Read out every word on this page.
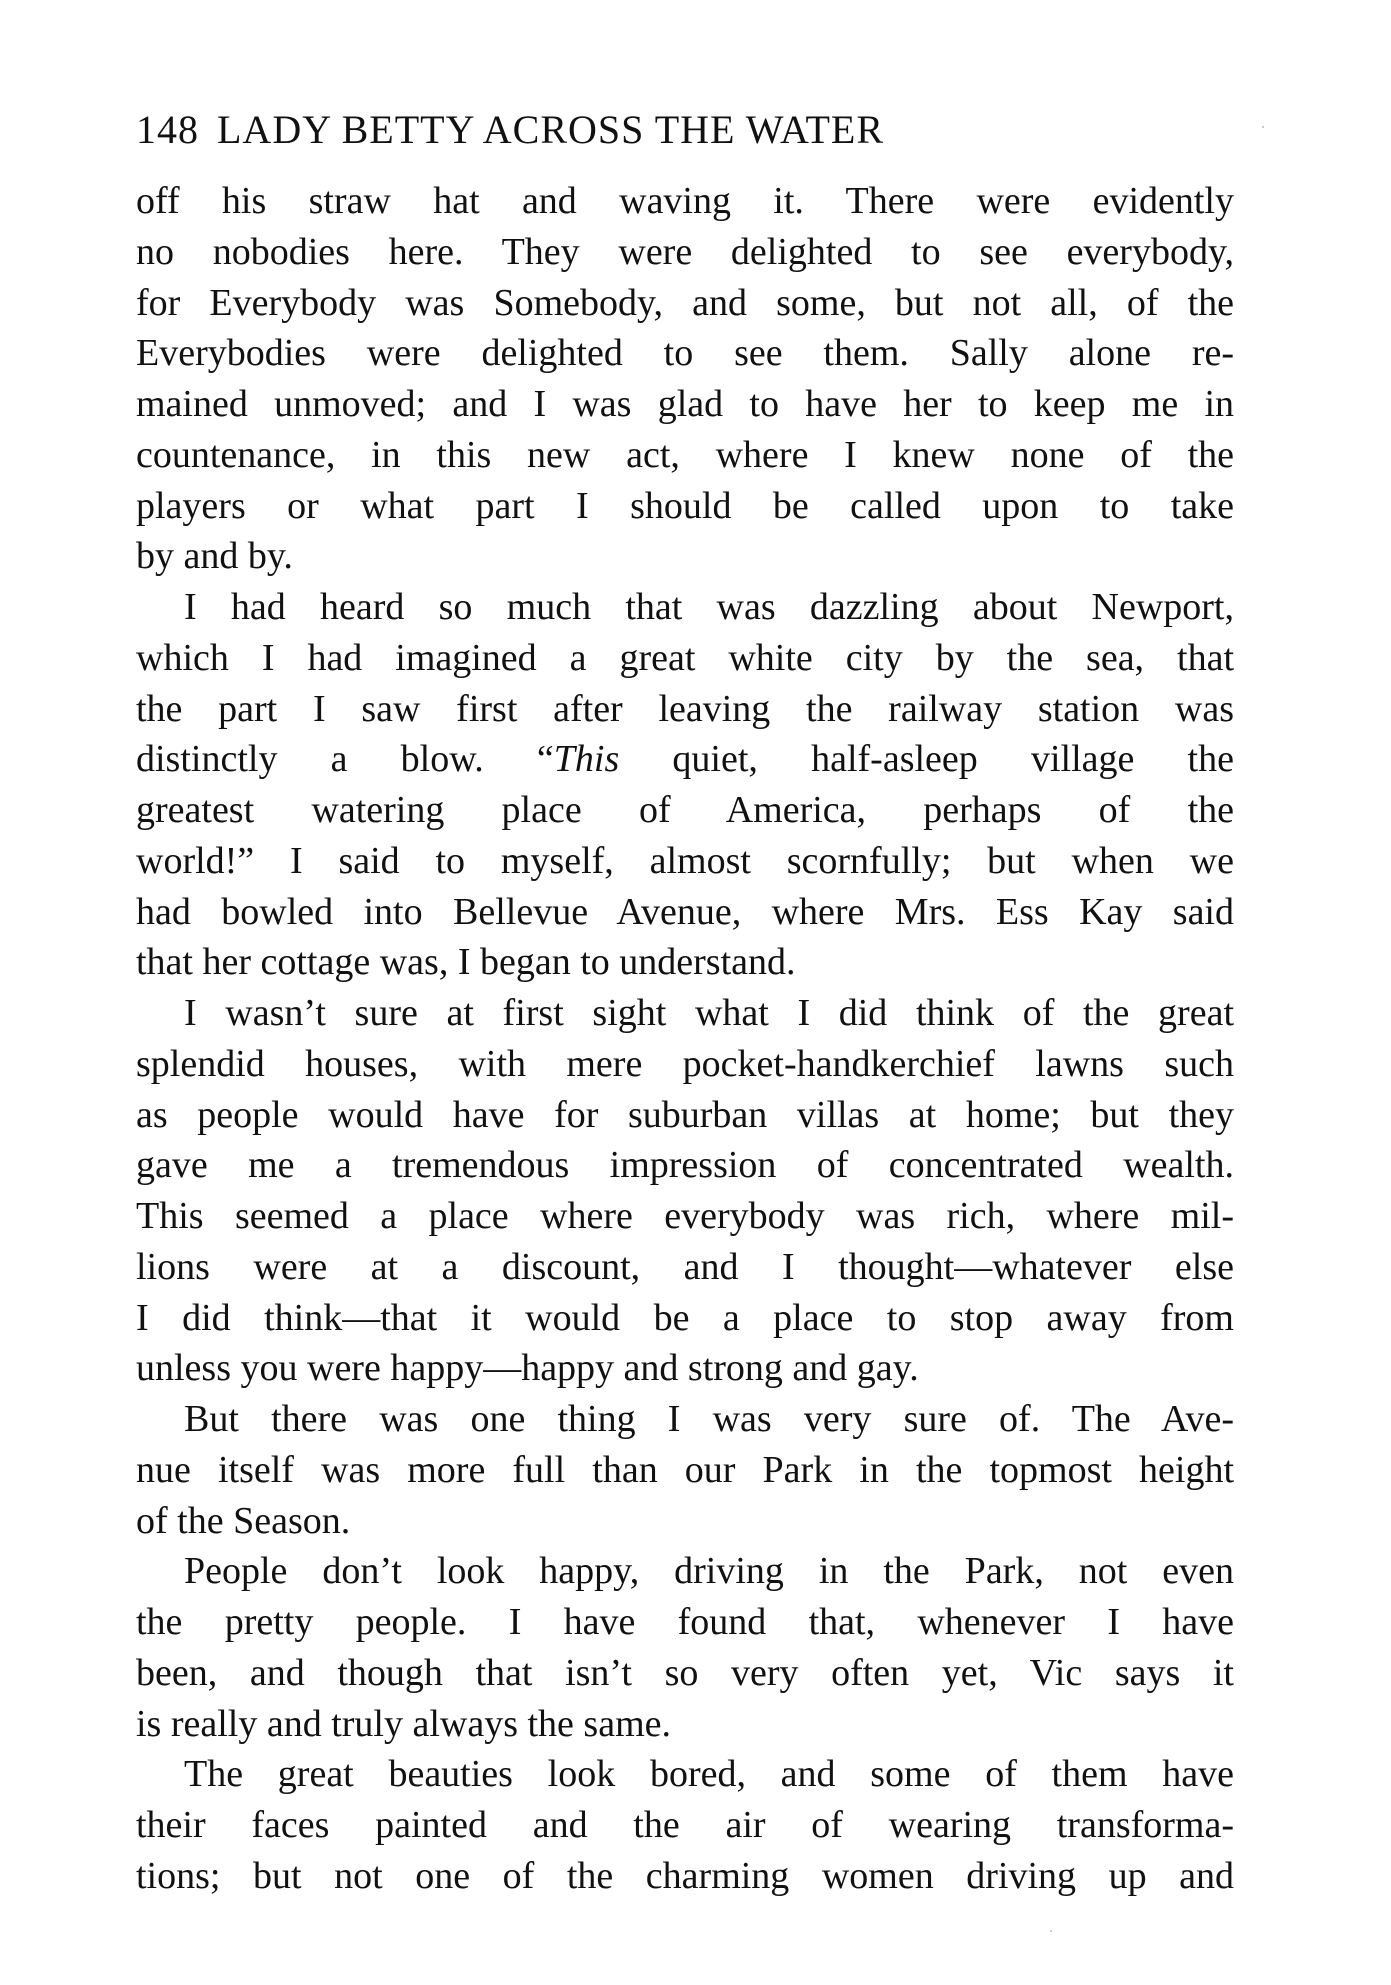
148 LADY BETTY ACROSS THE WATER
off his straw hat and waving it. There were evidently
no nobodies here. They were delighted to see everybody,
for Everybody was Somebody, and some, but not all, of the
Everybodies were delighted to see them. Sally alone re-
mained unmoved; and I was glad to have her to keep me in
countenance, in this new act, where I knew none of the
players or what part I should be called upon to take
by and by.
I had heard so much that was dazzling about Newport,
which I had imagined a great white city by the sea, that
the part I saw first after leaving the railway station was
distinctly a blow. “This quiet, half-asleep village the
greatest watering place of America, perhaps of the
world!” I said to myself, almost scornfully; but when we
had bowled into Bellevue Avenue, where Mrs. Ess Kay said
that her cottage was, I began to understand.
I wasn’t sure at first sight what I did think of the great
splendid houses, with mere pocket-handkerchief lawns such
as people would have for suburban villas at home; but they
gave me a tremendous impression of concentrated wealth.
This seemed a place where everybody was rich, where mil-
lions were at a discount, and I thought—whatever else
I did think—that it would be a place to stop away from
unless you were happy—happy and strong and gay.
But there was one thing I was very sure of. The Ave-
nue itself was more full than our Park in the topmost height
of the Season.
People don’t look happy, driving in the Park, not even
the pretty people. I have found that, whenever I have
been, and though that isn’t so very often yet, Vic says it
is really and truly always the same.
The great beauties look bored, and some of them have
their faces painted and the air of wearing transforma-
tions; but not one of the charming women driving up and
